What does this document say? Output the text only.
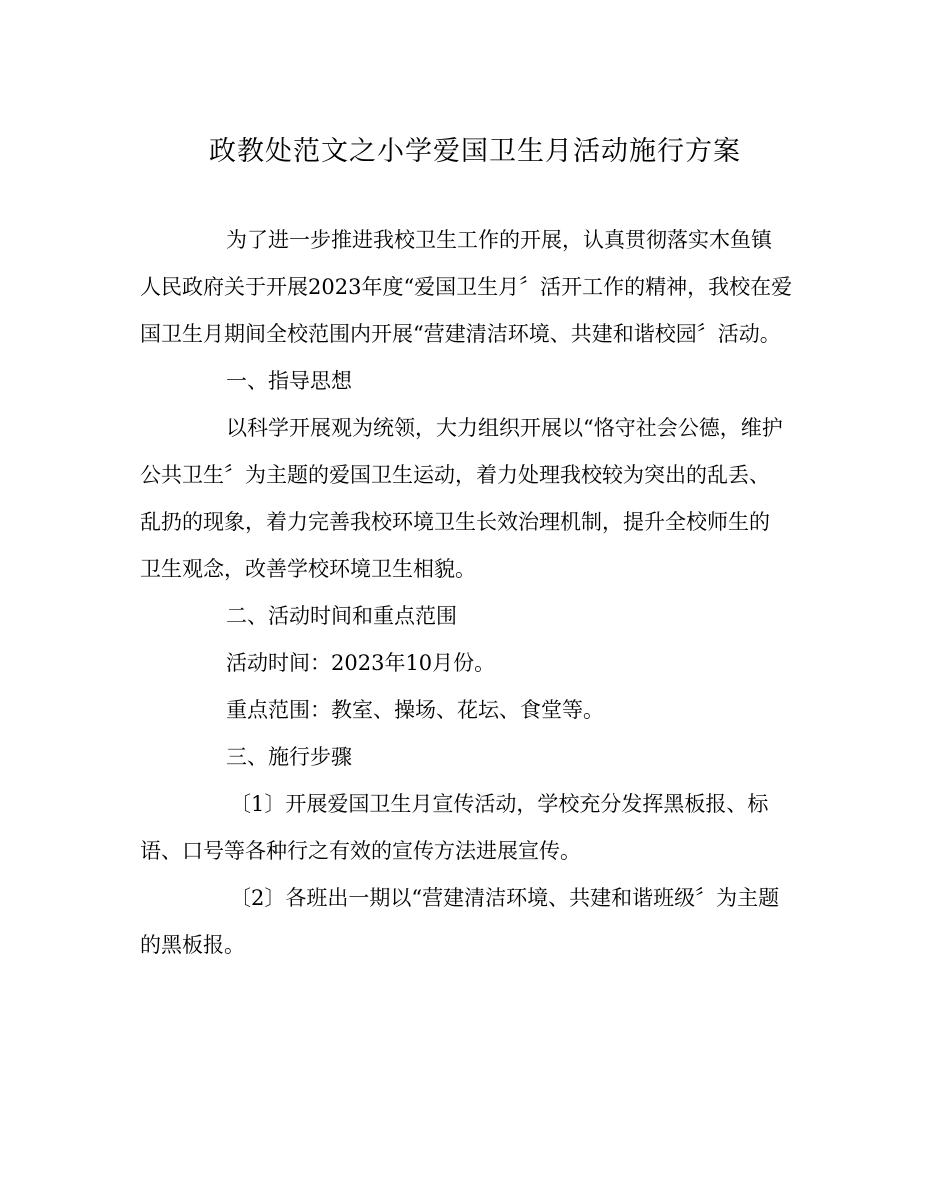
政教处范文之小学爱国卫生月活动施行方案

为了进一步推进我校卫生工作的开展，认真贯彻落实木鱼镇

人民政府关于开展2023年度“爱国卫生月〞活开工作的精神，我校在爱

国卫生月期间全校范围内开展“营建清洁环境、共建和谐校园〞活动。

一、指导思想

以科学开展观为统领，大力组织开展以“恪守社会公德，维护

公共卫生〞为主题的爱国卫生运动，着力处理我校较为突出的乱丢、

乱扔的现象，着力完善我校环境卫生长效治理机制，提升全校师生的

卫生观念，改善学校环境卫生相貌。

二、活动时间和重点范围

活动时间：2023年10月份。

重点范围：教室、操场、花坛、食堂等。

三、施行步骤

〔1〕开展爱国卫生月宣传活动，学校充分发挥黑板报、标

语、口号等各种行之有效的宣传方法进展宣传。

〔2〕各班出一期以“营建清洁环境、共建和谐班级〞为主题

的黑板报。
